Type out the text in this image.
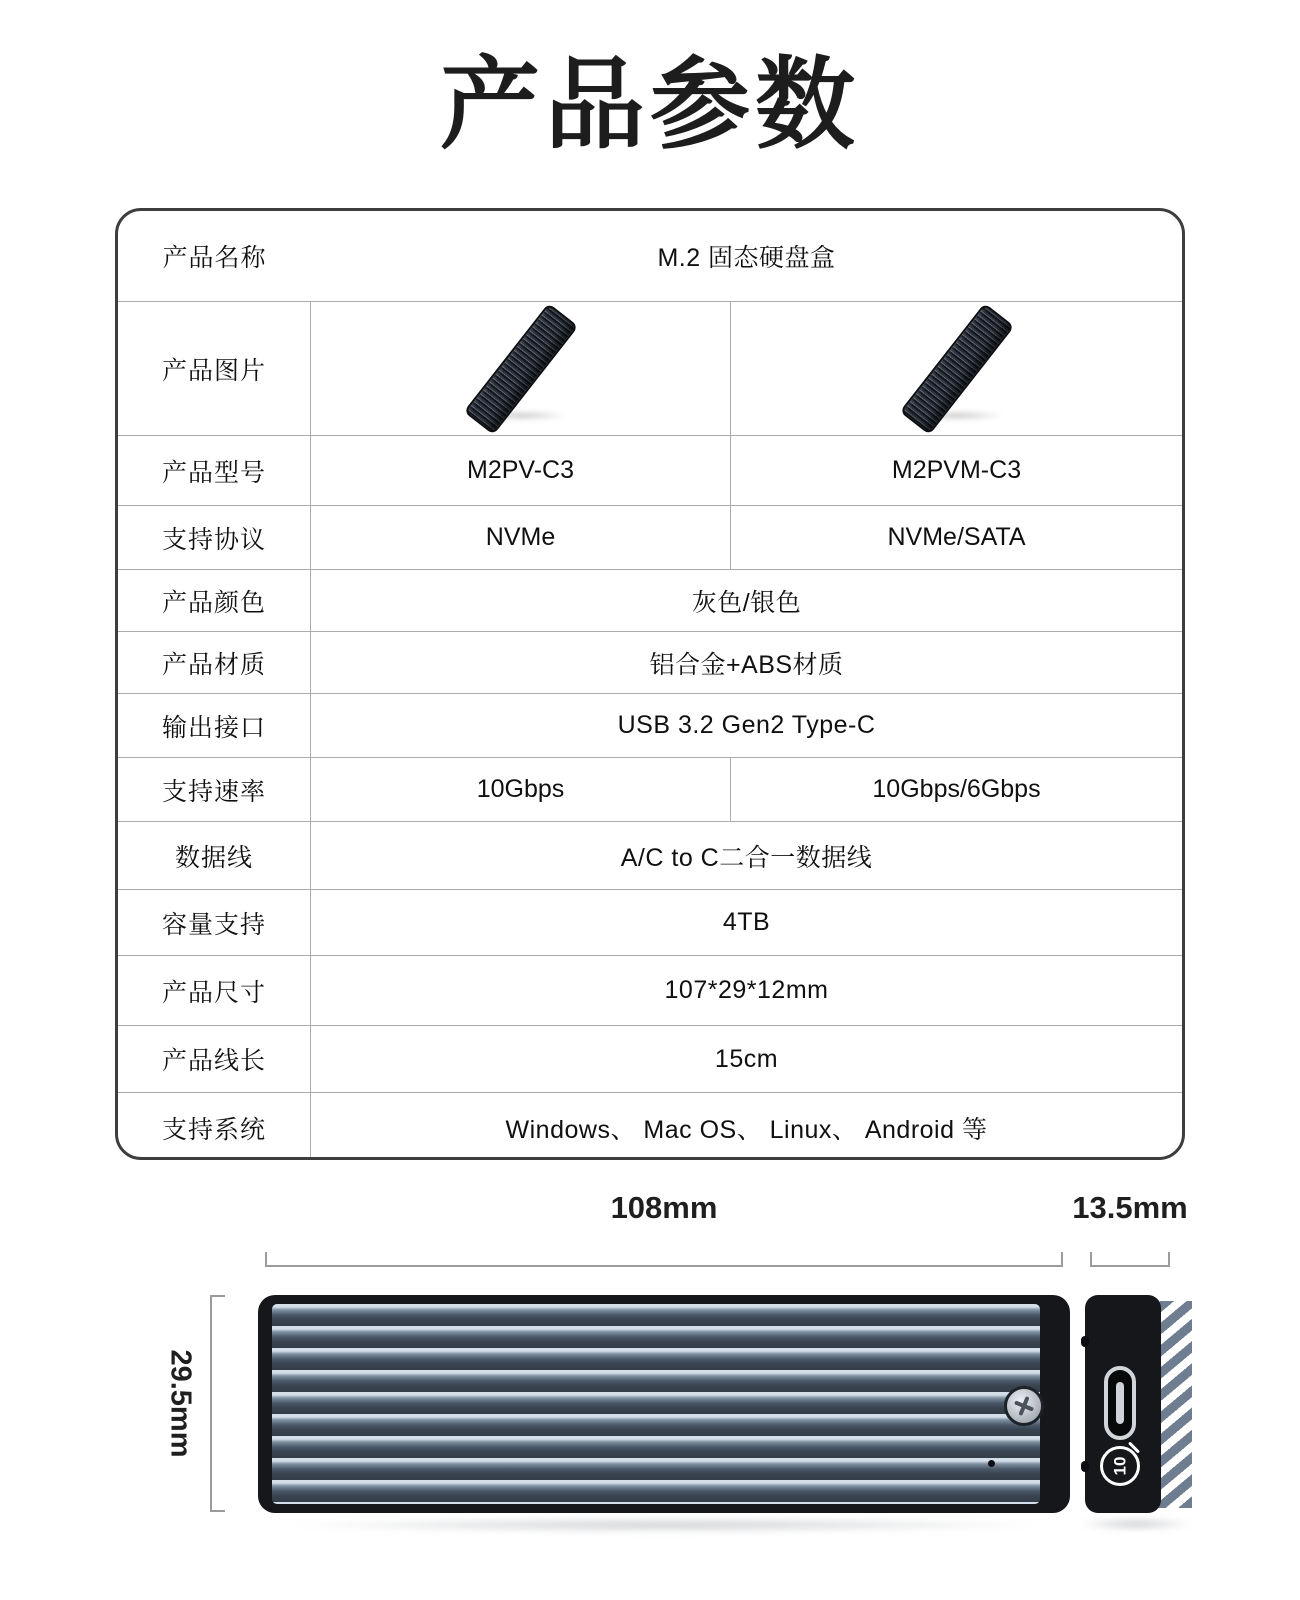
产品参数
产品名称	M.2 固态硬盘盒
产品图片
产品型号	M2PV-C3	M2PVM-C3
支持协议	NVMe	NVMe/SATA
产品颜色	灰色/银色
产品材质	铝合金+ABS材质
输出接口	USB 3.2 Gen2 Type-C
支持速率	10Gbps	10Gbps/6Gbps
数据线	A/C to C二合一数据线
容量支持	4TB
产品尺寸	107*29*12mm
产品线长	15cm
支持系统	Windows、 Mac OS、 Linux、 Android 等
108mm	13.5mm
29.5mm
10
